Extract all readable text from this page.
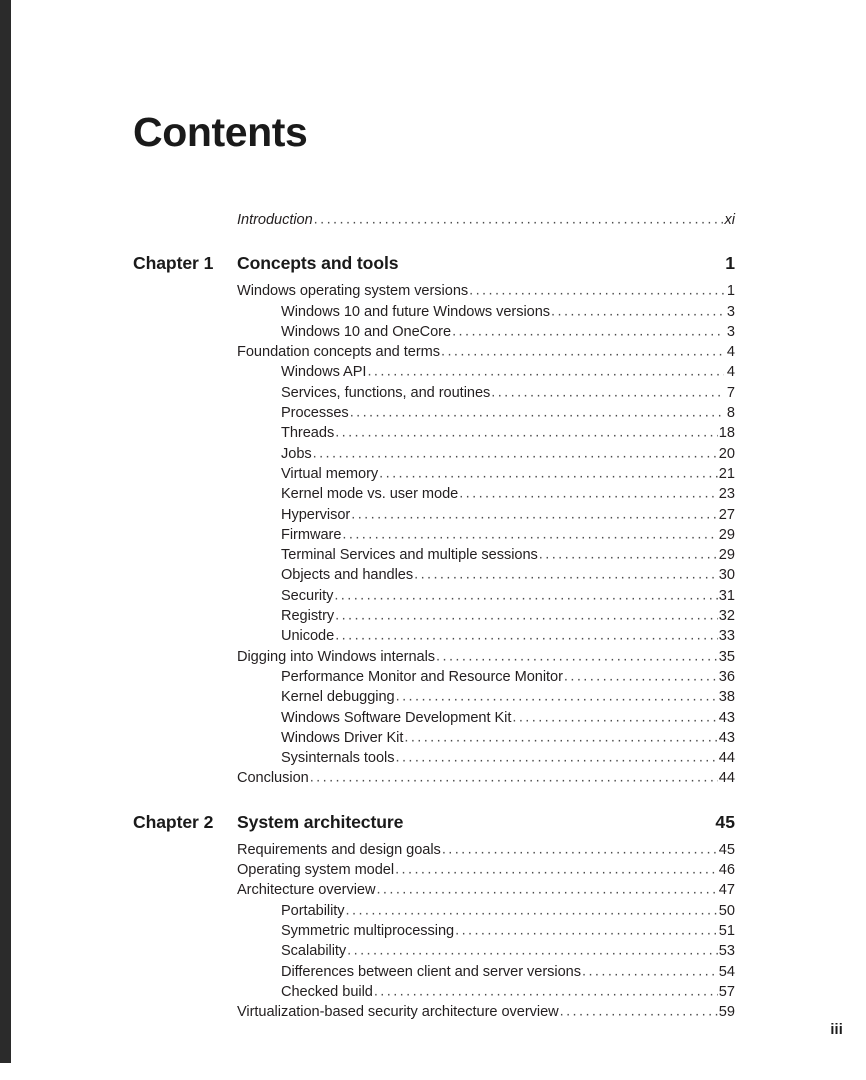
Contents
Introduction .....	xi
Chapter 1	Concepts and tools	1
Windows operating system versions .....	1
Windows 10 and future Windows versions .....	3
Windows 10 and OneCore .....	3
Foundation concepts and terms .....	4
Windows API .....	4
Services, functions, and routines .....	7
Processes .....	8
Threads .....	18
Jobs .....	20
Virtual memory .....	21
Kernel mode vs. user mode .....	23
Hypervisor .....	27
Firmware .....	29
Terminal Services and multiple sessions .....	29
Objects and handles .....	30
Security .....	31
Registry .....	32
Unicode .....	33
Digging into Windows internals .....	35
Performance Monitor and Resource Monitor .....	36
Kernel debugging .....	38
Windows Software Development Kit .....	43
Windows Driver Kit .....	43
Sysinternals tools .....	44
Conclusion .....	44
Chapter 2	System architecture	45
Requirements and design goals .....	45
Operating system model .....	46
Architecture overview .....	47
Portability .....	50
Symmetric multiprocessing .....	51
Scalability .....	53
Differences between client and server versions .....	54
Checked build .....	57
Virtualization-based security architecture overview .....	59
iii
